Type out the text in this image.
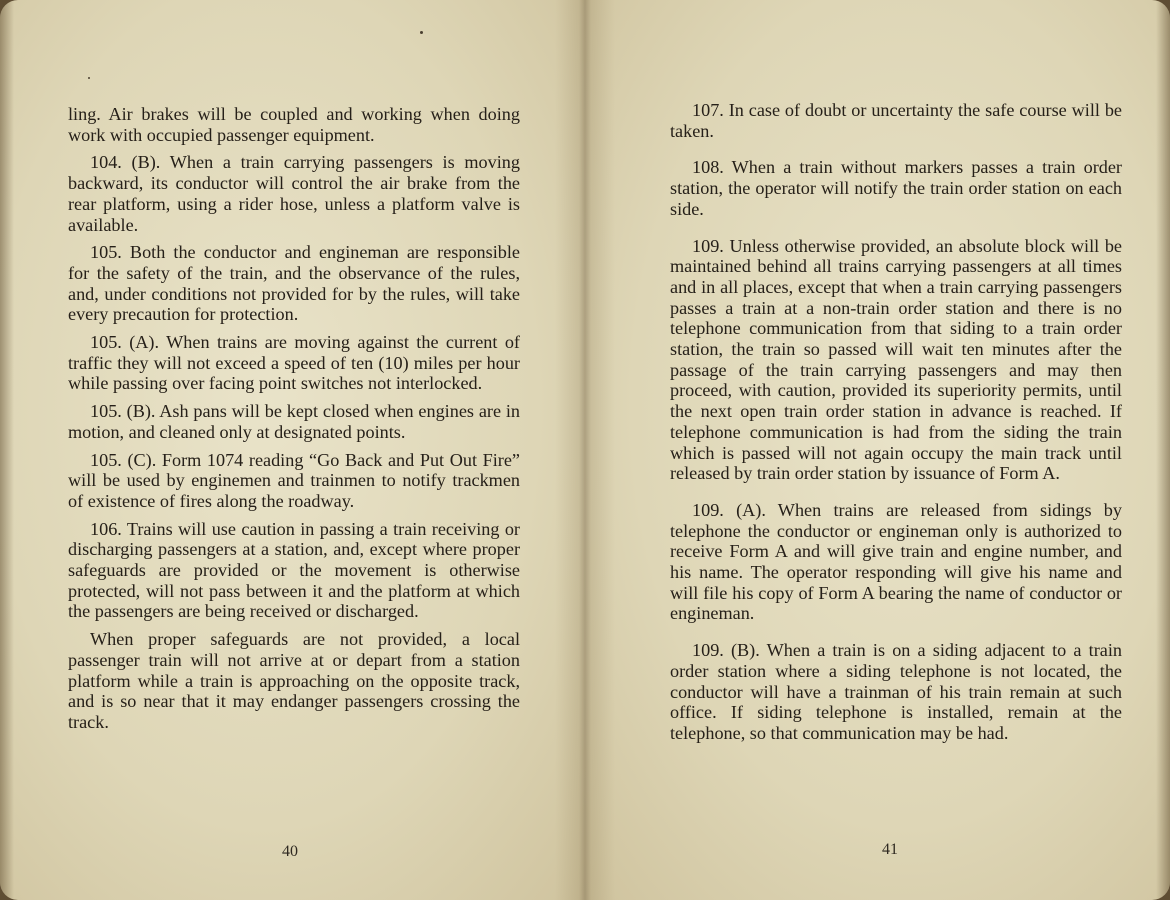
ling. Air brakes will be coupled and working when doing work with occupied passenger equipment.

104. (B). When a train carrying passengers is moving backward, its conductor will control the air brake from the rear platform, using a rider hose, unless a platform valve is available.

105. Both the conductor and engineman are responsible for the safety of the train, and the observance of the rules, and, under conditions not provided for by the rules, will take every precaution for protection.

105. (A). When trains are moving against the current of traffic they will not exceed a speed of ten (10) miles per hour while passing over facing point switches not interlocked.

105. (B). Ash pans will be kept closed when engines are in motion, and cleaned only at designated points.

105. (C). Form 1074 reading “Go Back and Put Out Fire” will be used by enginemen and trainmen to notify trackmen of existence of fires along the roadway.

106. Trains will use caution in passing a train receiving or discharging passengers at a station, and, except where proper safeguards are provided or the movement is otherwise protected, will not pass between it and the platform at which the passengers are being received or discharged.

When proper safeguards are not provided, a local passenger train will not arrive at or depart from a station platform while a train is approaching on the opposite track, and is so near that it may endanger passengers crossing the track.

40

107. In case of doubt or uncertainty the safe course will be taken.

108. When a train without markers passes a train order station, the operator will notify the train order station on each side.

109. Unless otherwise provided, an absolute block will be maintained behind all trains carrying passengers at all times and in all places, except that when a train carrying passengers passes a train at a non-train order station and there is no telephone communication from that siding to a train order station, the train so passed will wait ten minutes after the passage of the train carrying passengers and may then proceed, with caution, provided its superiority permits, until the next open train order station in advance is reached. If telephone communication is had from the siding the train which is passed will not again occupy the main track until released by train order station by issuance of Form A.

109. (A). When trains are released from sidings by telephone the conductor or engineman only is authorized to receive Form A and will give train and engine number, and his name. The operator responding will give his name and will file his copy of Form A bearing the name of conductor or engineman.

109. (B). When a train is on a siding adjacent to a train order station where a siding telephone is not located, the conductor will have a trainman of his train remain at such office. If siding telephone is installed, remain at the telephone, so that communication may be had.

41
